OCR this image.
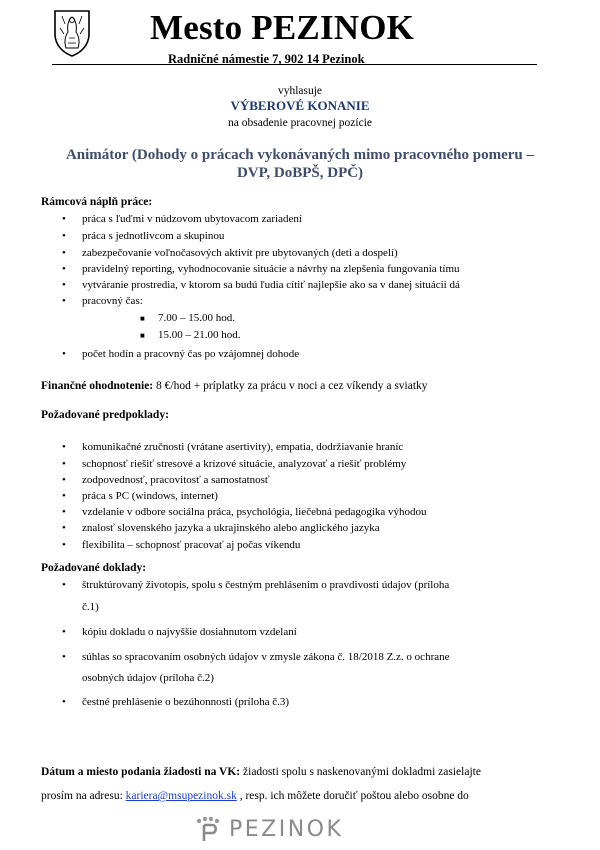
Mesto PEZINOK
Radničné námestie 7, 902 14 Pezinok
vyhlasuje
VÝBEROVÉ KONANIE
na obsadenie pracovnej pozície
Animátor (Dohody o prácach vykonávaných mimo pracovného pomeru –
DVP, DoBPŠ, DPČ)
Rámcová náplň práce:
• práca s ľuďmi v núdzovom ubytovacom zariadení
• práca s jednotlivcom a skupinou
• zabezpečovanie voľnočasových aktivít pre ubytovaných (deti a dospelí)
• pravidelný reporting, vyhodnocovanie situácie a návrhy na zlepšenia fungovania tímu
• vytváranie prostredia, v ktorom sa budú ľudia cítiť najlepšie ako sa v danej situácii dá
• pracovný čas:
■ 7.00 – 15.00 hod.
■ 15.00 – 21.00 hod.
• počet hodín a pracovný čas po vzájomnej dohode
Finančné ohodnotenie: 8 €/hod + príplatky za prácu v noci a cez víkendy a sviatky
Požadované predpoklady:
• komunikačné zručnosti (vrátane asertivity), empatia, dodržiavanie hraníc
• schopnosť riešiť stresové a krízové situácie, analyzovať a riešiť problémy
• zodpovednosť, pracovitosť a samostatnosť
• práca s PC (windows, internet)
• vzdelanie v odbore sociálna práca, psychológia, liečebná pedagogika výhodou
• znalosť slovenského jazyka a ukrajinského alebo anglického jazyka
• flexibilita – schopnosť pracovať aj počas víkendu
Požadované doklady:
• štruktúrovaný životopis, spolu s čestným prehlásením o pravdivosti údajov (príloha
č.1)
• kópiu dokladu o najvyššie dosiahnutom vzdelaní
• súhlas so spracovaním osobných údajov v zmysle zákona č. 18/2018 Z.z. o ochrane
osobných údajov (príloha č.2)
• čestné prehlásenie o bezúhonnosti (príloha č.3)
Dátum a miesto podania žiadosti na VK: žiadosti spolu s naskenovanými dokladmi zasielajte
prosím na adresu: kariera@msupezinok.sk , resp. ich môžete doručiť poštou alebo osobne do
PEZINOK
